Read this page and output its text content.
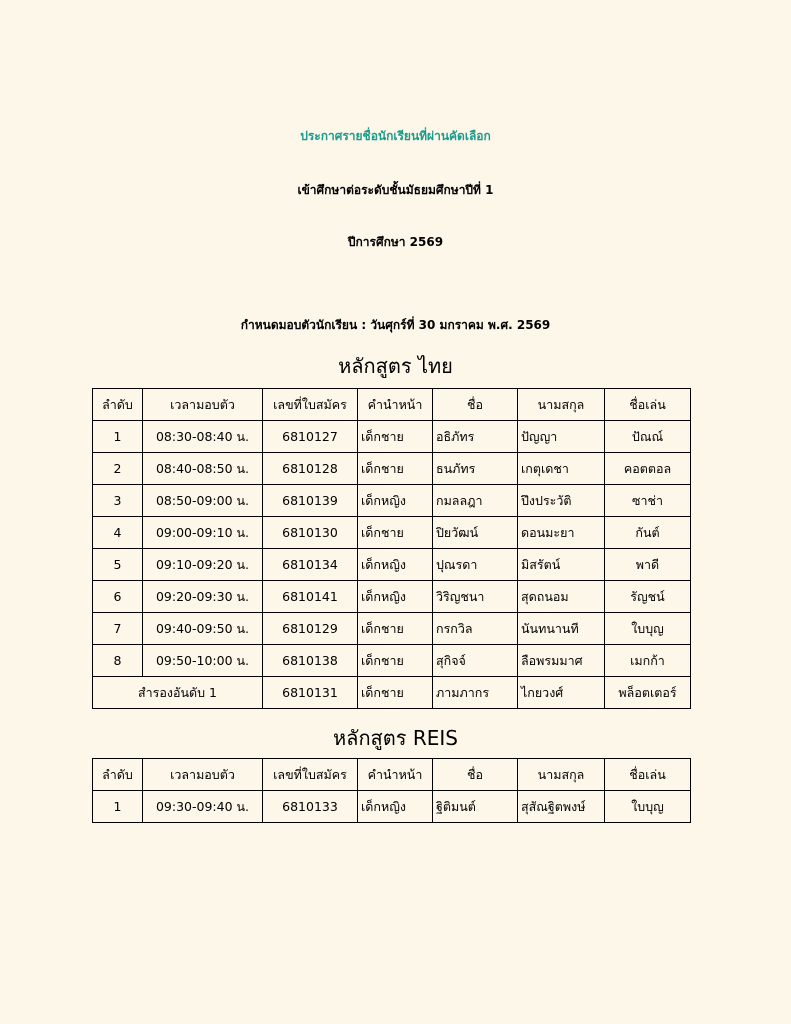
ประกาศรายชื่อนักเรียนที่ผ่านคัดเลือก
เข้าศึกษาต่อระดับชั้นมัธยมศึกษาปีที่ 1
ปีการศึกษา 2569
กำหนดมอบตัวนักเรียน : วันศุกร์ที่ 30 มกราคม พ.ศ. 2569
หลักสูตร ไทย
ลำดับ	เวลามอบตัว	เลขที่ใบสมัคร	คำนำหน้า	ชื่อ	นามสกุล	ชื่อเล่น
1	08:30-08:40 น.	6810127	เด็กชาย	อธิภัทร	ปัญญา	ปัณณ์
2	08:40-08:50 น.	6810128	เด็กชาย	ธนภัทร	เกตุเดชา	คอตตอล
3	08:50-09:00 น.	6810139	เด็กหญิง	กมลลฎา	ปึงประวัติ	ซาช่า
4	09:00-09:10 น.	6810130	เด็กชาย	ปิยวัฒน์	ดอนมะยา	กันต์
5	09:10-09:20 น.	6810134	เด็กหญิง	ปุณรดา	มิสรัตน์	พาดี
6	09:20-09:30 น.	6810141	เด็กหญิง	วิริญชนา	สุดถนอม	รัญชน์
7	09:40-09:50 น.	6810129	เด็กชาย	กรกวิล	นันทนานที	ใบบุญ
8	09:50-10:00 น.	6810138	เด็กชาย	สุกิจจ์	ลือพรมมาศ	เมกก้า
สำรองอันดับ 1		6810131	เด็กชาย	ภามภากร	ไกยวงศ์	พล็อตเตอร์
หลักสูตร REIS
ลำดับ	เวลามอบตัว	เลขที่ใบสมัคร	คำนำหน้า	ชื่อ	นามสกุล	ชื่อเล่น
1	09:30-09:40 น.	6810133	เด็กหญิง	ฐิติมนต์	สุสัณฐิตพงษ์	ใบบุญ
